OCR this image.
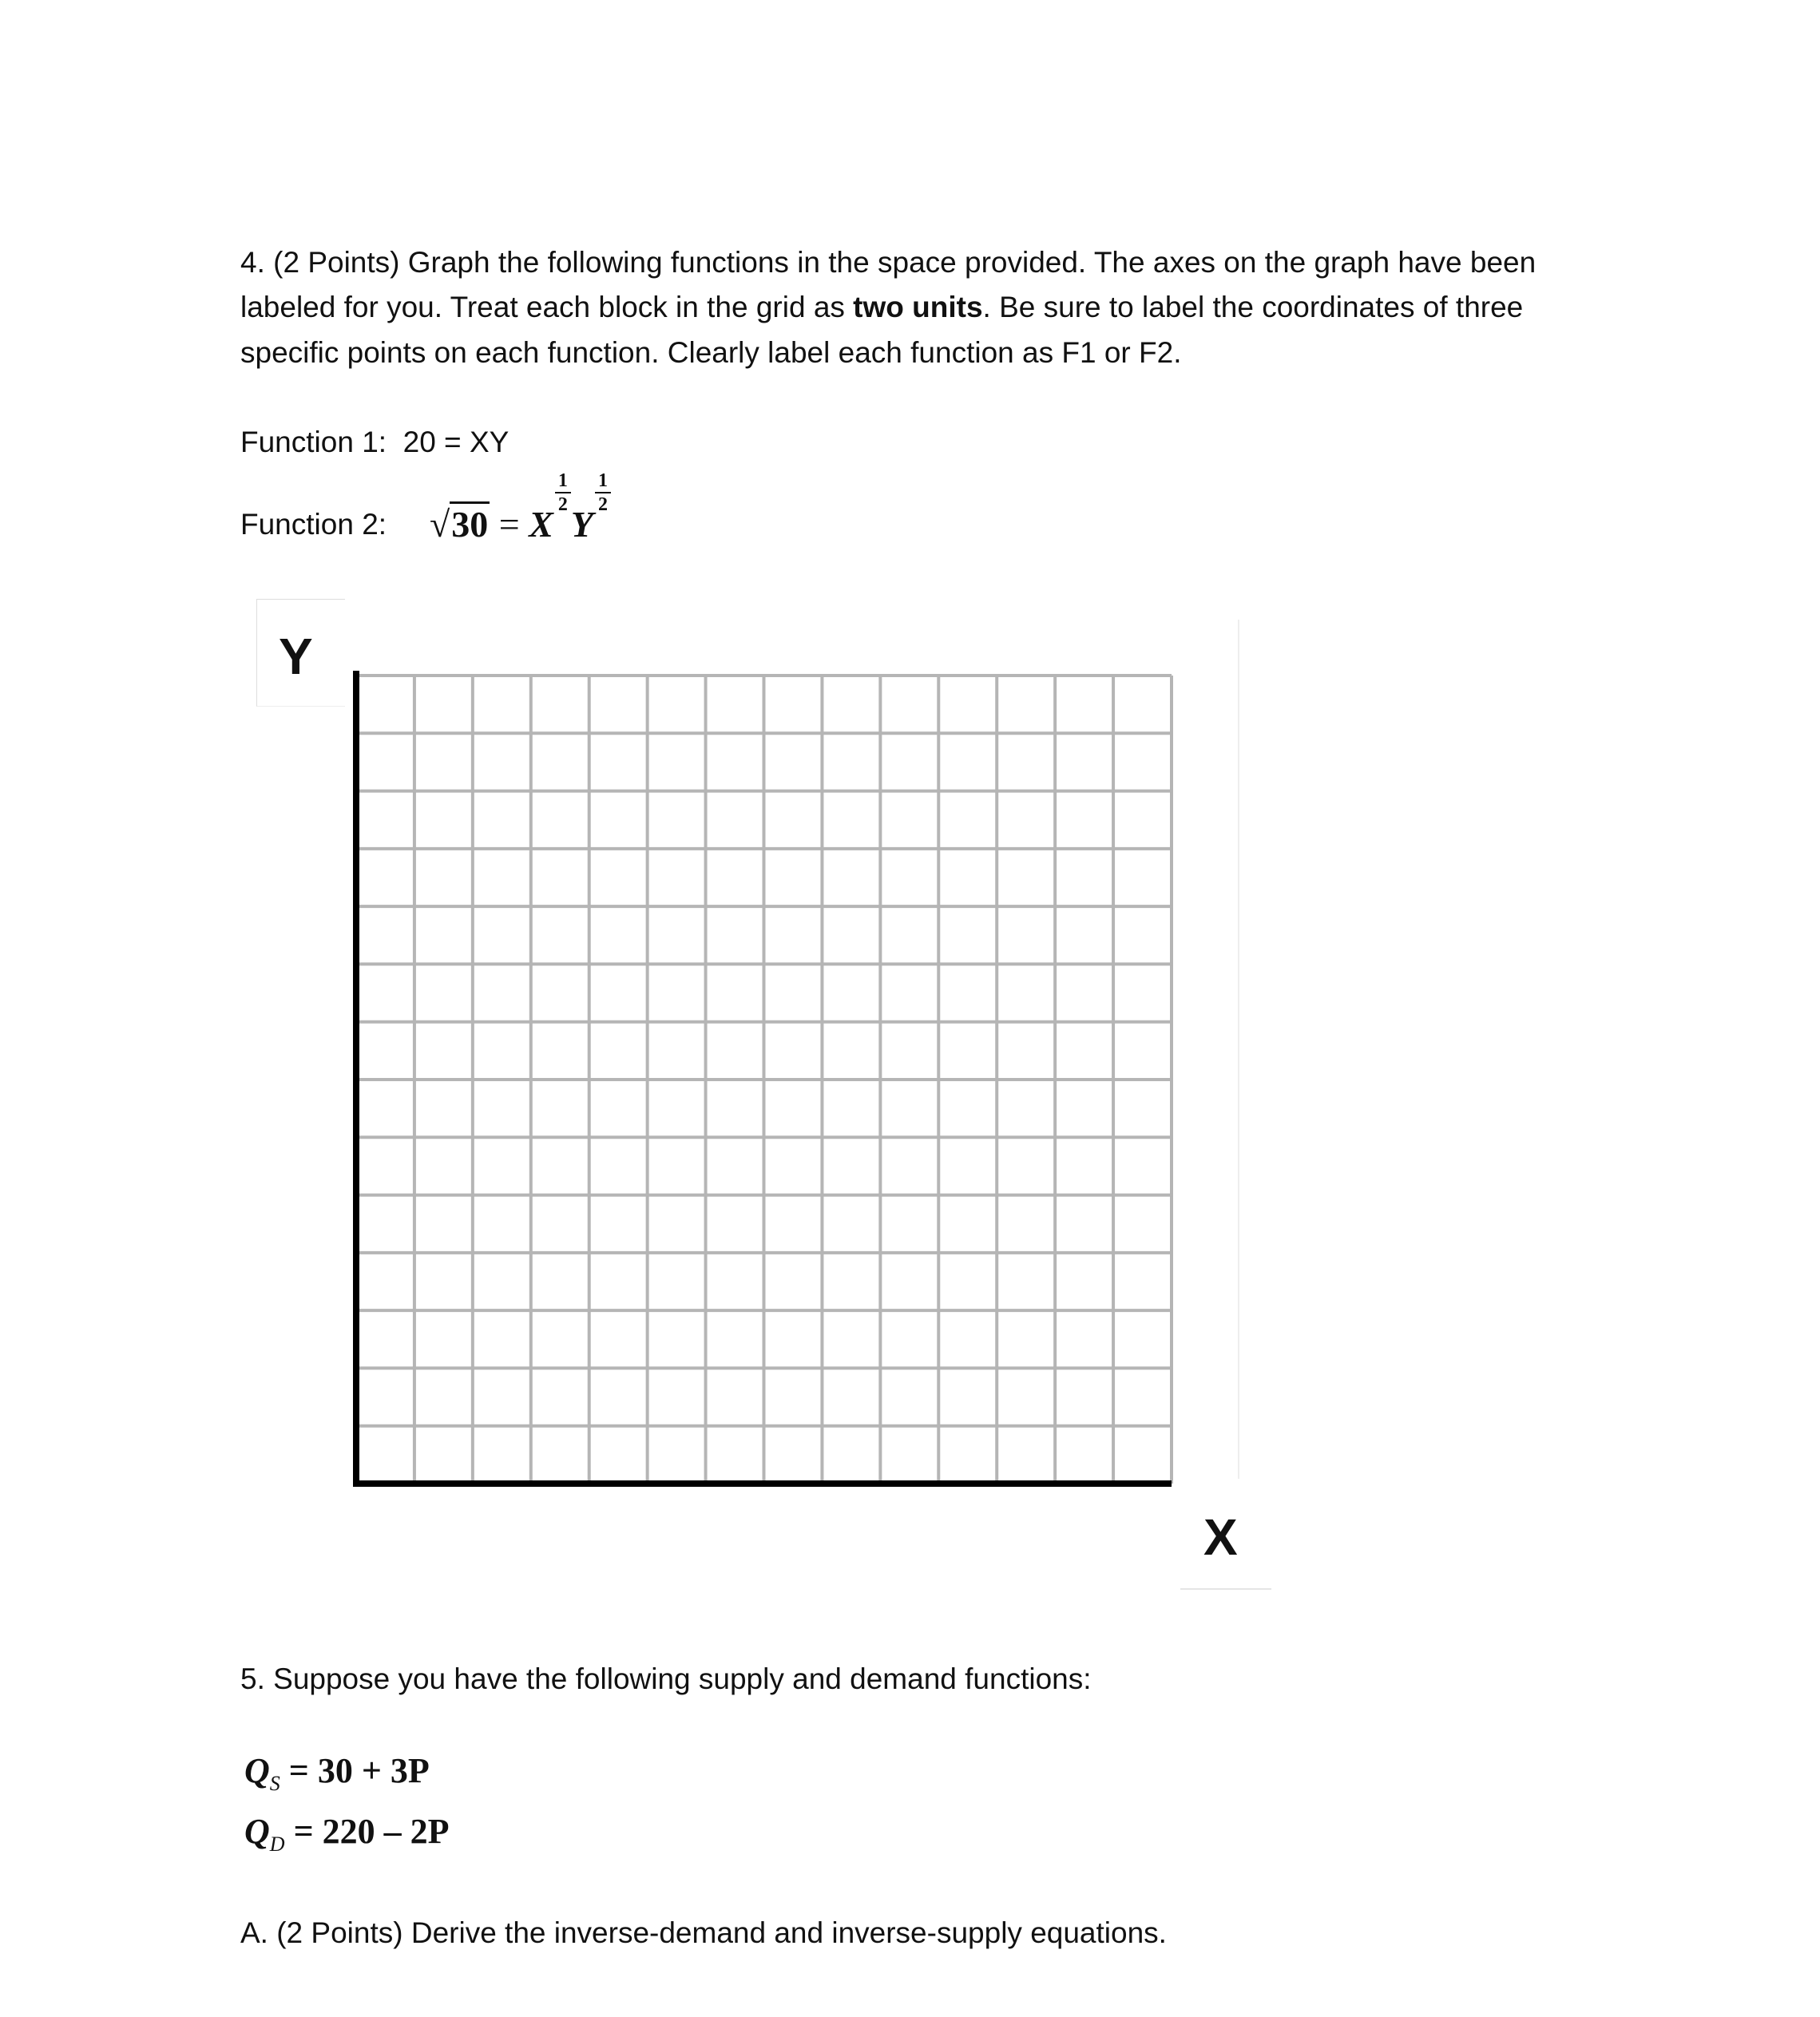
4. (2 Points) Graph the following functions in the space provided. The axes on the graph have been
labeled for you. Treat each block in the grid as two units. Be sure to label the coordinates of three
specific points on each function. Clearly label each function as F1 or F2.
Function 1: 20 = XY
Function 2: √30 = X
$\frac{1}{2}$
Y
$\frac{1}{2}$
Y
X
5. Suppose you have the following supply and demand functions:
$Q_S = 30 + 3P$
$Q_D = 220 - 2P$
A. (2 Points) Derive the inverse-demand and inverse-supply equations.
